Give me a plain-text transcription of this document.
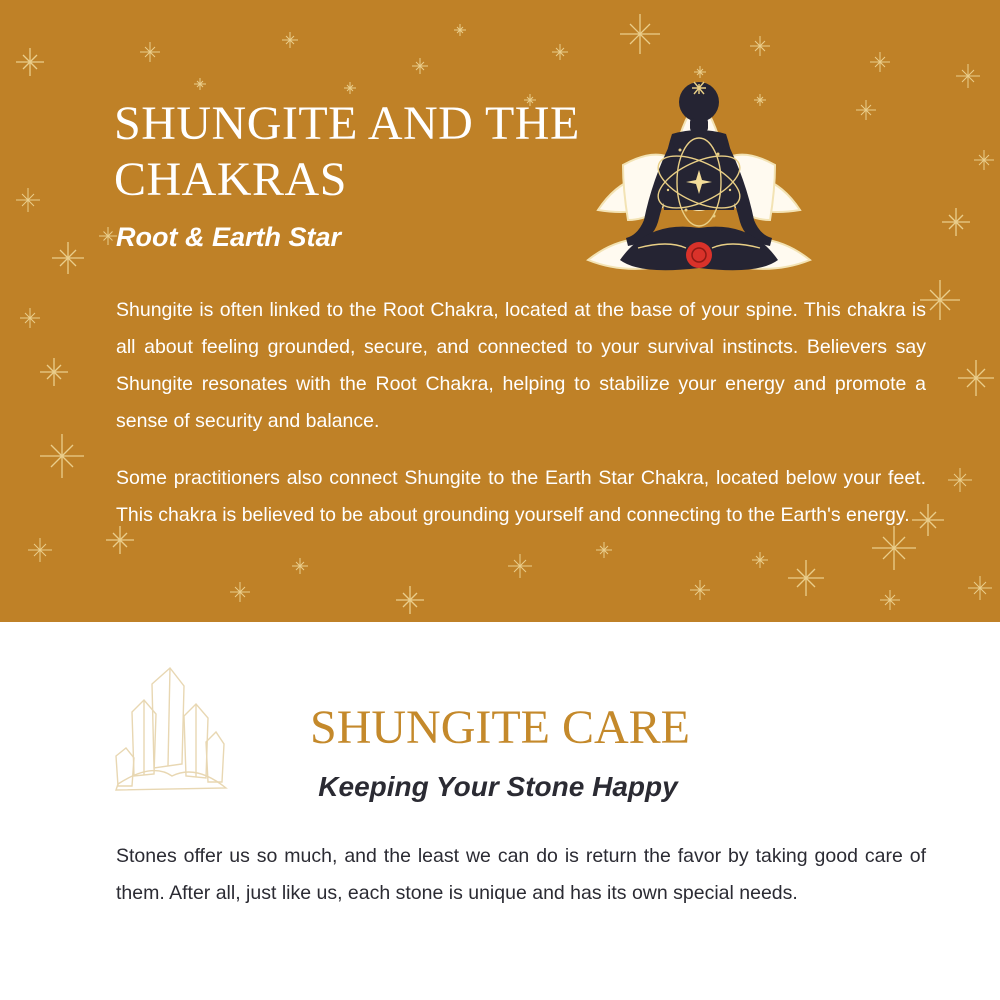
SHUNGITE AND THE CHAKRAS
Root & Earth Star

Shungite is often linked to the Root Chakra, located at the base of your spine. This chakra is all about feeling grounded, secure, and connected to your survival instincts. Believers say Shungite resonates with the Root Chakra, helping to stabilize your energy and promote a sense of security and balance.

Some practitioners also connect Shungite to the Earth Star Chakra, located below your feet. This chakra is believed to be about grounding yourself and connecting to the Earth's energy.

SHUNGITE CARE
Keeping Your Stone Happy

Stones offer us so much, and the least we can do is return the favor by taking good care of them. After all, just like us, each stone is unique and has its own special needs.
